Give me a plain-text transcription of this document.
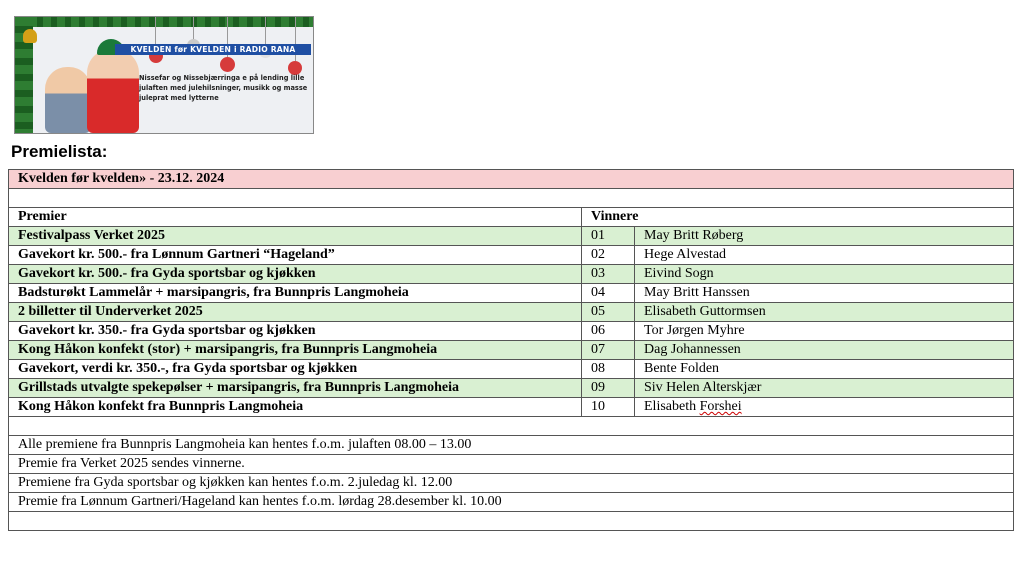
KVELDEN før KVELDEN i RADIO RANA
Nissefar og Nissebjærringa e på lending lille julaften med julehilsninger, musikk og masse juleprat med lytterne
Premielista:
Kvelden før kvelden» - 23.12. 2024		

Premier	Vinnere	
Festivalpass Verket 2025	01	May Britt Røberg
Gavekort kr. 500.- fra Lønnum Gartneri “Hageland”	02	Hege Alvestad
Gavekort kr. 500.- fra Gyda sportsbar og kjøkken	03	Eivind Sogn
Badsturøkt Lammelår + marsipangris, fra Bunnpris Langmoheia	04	May Britt Hanssen
2 billetter til Underverket 2025	05	Elisabeth Guttormsen
Gavekort kr. 350.- fra Gyda sportsbar og kjøkken	06	Tor Jørgen Myhre
Kong Håkon konfekt (stor) + marsipangris, fra Bunnpris Langmoheia	07	Dag Johannessen
Gavekort, verdi kr. 350.-, fra Gyda sportsbar og kjøkken	08	Bente Folden
Grillstads utvalgte spekepølser + marsipangris, fra Bunnpris Langmoheia	09	Siv Helen Alterskjær
Kong Håkon konfekt fra Bunnpris Langmoheia	10	Elisabeth Forshei

Alle premiene fra Bunnpris Langmoheia kan hentes f.o.m. julaften 08.00 – 13.00		
Premie fra Verket 2025 sendes vinnerne.		
Premiene fra Gyda sportsbar og kjøkken kan hentes f.o.m. 2.juledag kl. 12.00		
Premie fra Lønnum Gartneri/Hageland kan hentes f.o.m. lørdag 28.desember kl. 10.00		
